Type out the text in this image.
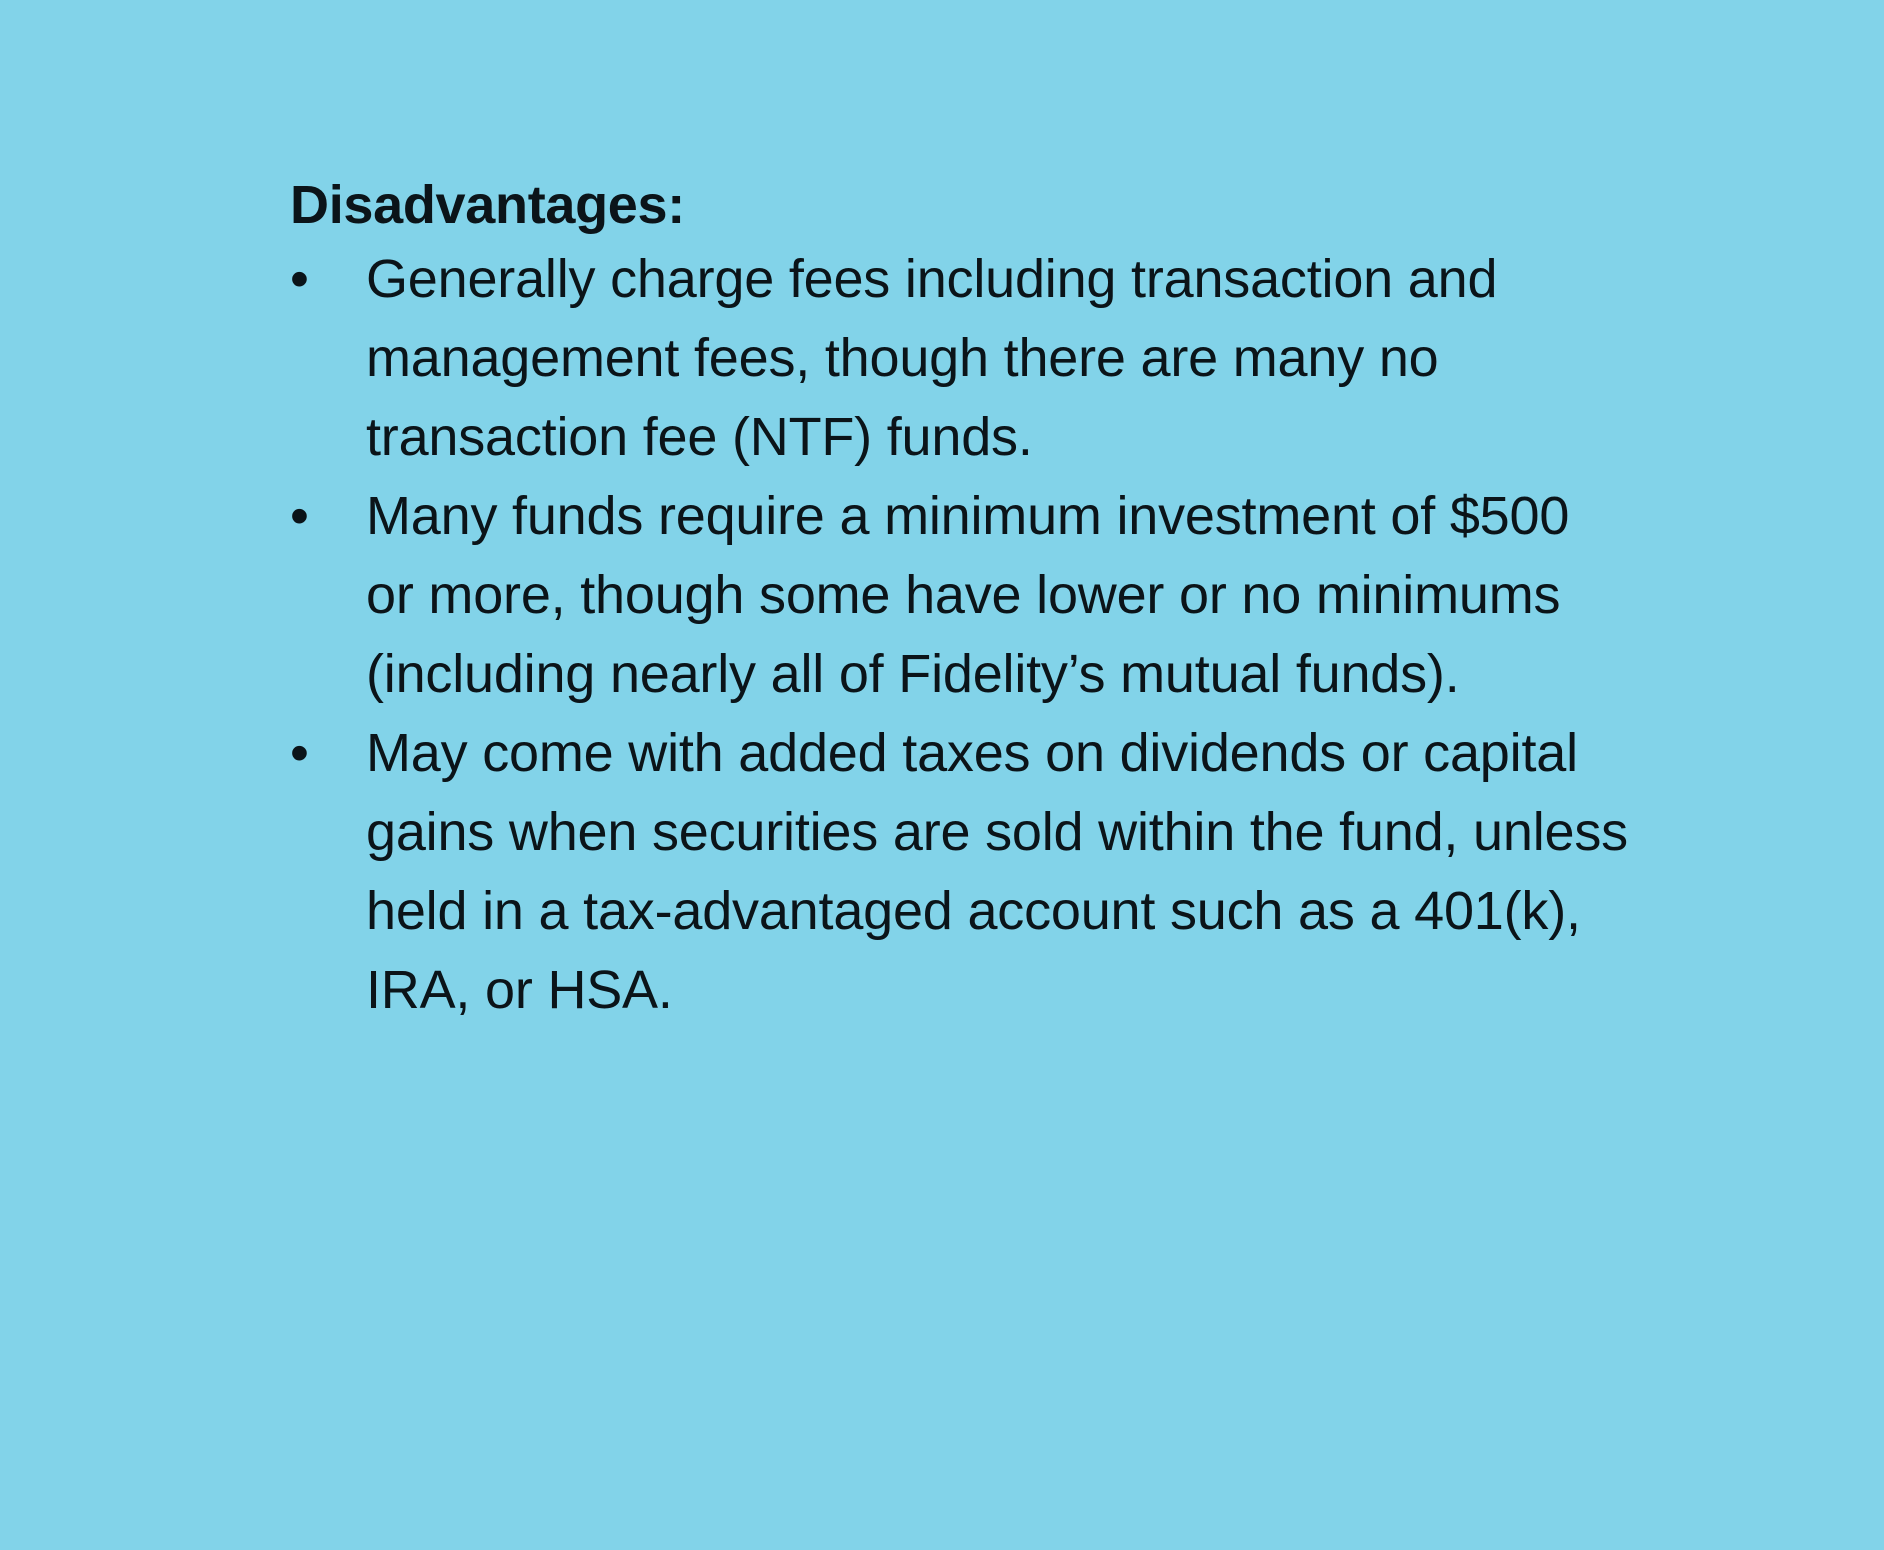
Disadvantages:

•	Generally charge fees including transaction and management fees, though there are many no transaction fee (NTF) funds.
•	Many funds require a minimum investment of $500 or more, though some have lower or no minimums (including nearly all of Fidelity’s mutual funds).
•	May come with added taxes on dividends or capital gains when securities are sold within the fund, unless held in a tax-advantaged account such as a 401(k), IRA, or HSA.
